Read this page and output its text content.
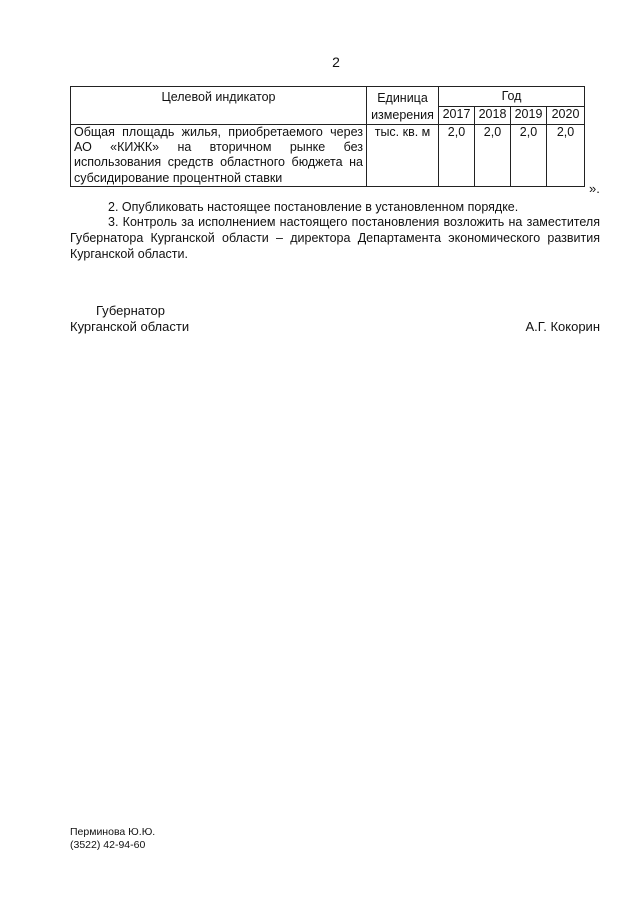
2
Целевой индикатор	Единица измерения	Год			
		2017	2018	2019	2020
Общая площадь жилья, приобретаемого через АО «КИЖК» на вторичном рынке без использования средств областного бюджета на субсидирование процентной ставки	тыс. кв. м	2,0	2,0	2,0	2,0
».
2. Опубликовать настоящее постановление в установленном порядке.
3. Контроль за исполнением настоящего постановления возложить на заместителя Губернатора Курганской области – директора Департамента экономического развития Курганской области.
Губернатор
Курганской области	А.Г. Кокорин
Перминова Ю.Ю.
(3522) 42-94-60
